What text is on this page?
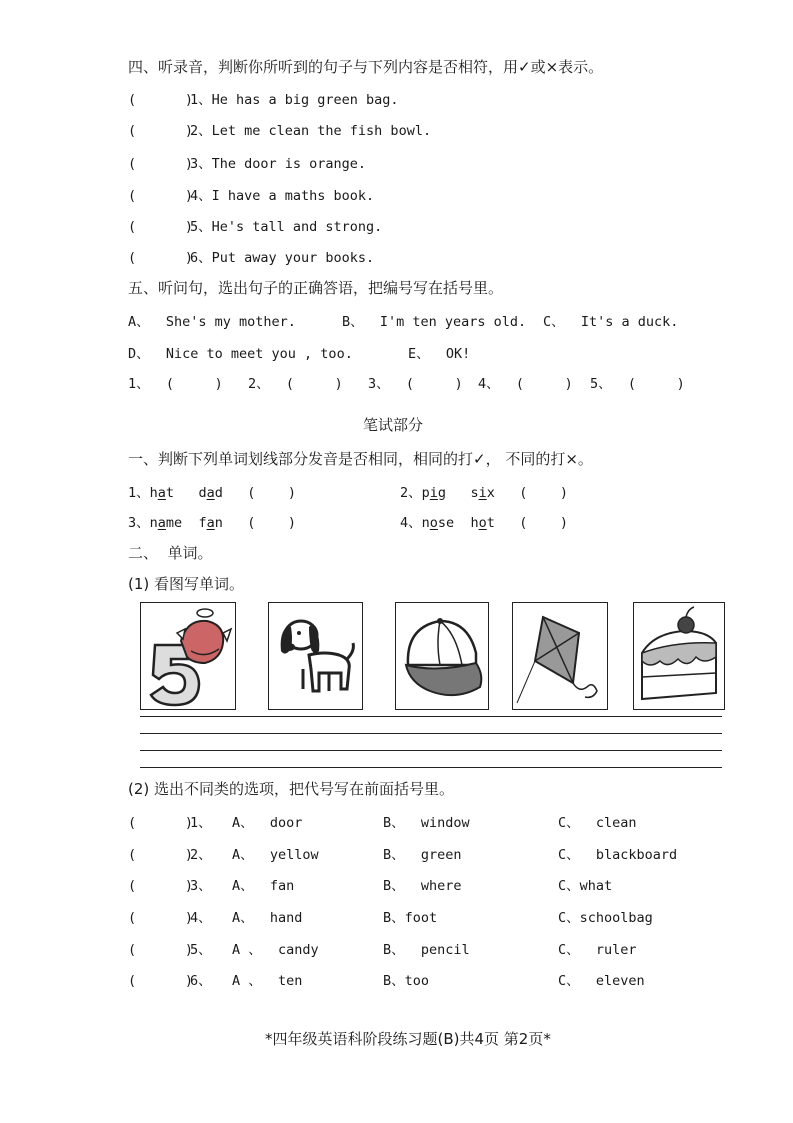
四、听录音，判断你所听到的句子与下列内容是否相符，用✓或×表示。
(      )1、He has a big green bag.
(      )2、Let me clean the fish bowl.
(      )3、The door is orange.
(      )4、I have a maths book.
(      )5、He's tall and strong.
(      )6、Put away your books.
五、听问句，选出句子的正确答语，把编号写在括号里。
A、  She's my mother.	B、  I'm ten years old. C、  It's a duck.
D、  Nice to meet you , too.	E、  OK!
1、  (     ) 2、  (     ) 3、  (     ) 4、  (     ) 5、  (     )
笔试部分
一、判断下列单词划线部分发音是否相同，相同的打✓， 不同的打×。
1、hat dad (    )	2、pig six (    )
3、name fan (    )	4、nose hot (    )
二、  单词。
(1) 看图写单词。
(2) 选出不同类的选项，把代号写在前面括号里。
(      )1、 A、  door	B、  window	C、  clean
(      )2、 A、  yellow	B、  green	C、  blackboard
(      )3、 A、  fan	B、  where	C、what
(      )4、 A、  hand	B、foot	C、schoolbag
(      )5、 A 、  candy	B、  pencil	C、  ruler
(      )6、 A 、  ten	B、too	C、  eleven
*四年级英语科阶段练习题(B)共4页 第2页*
